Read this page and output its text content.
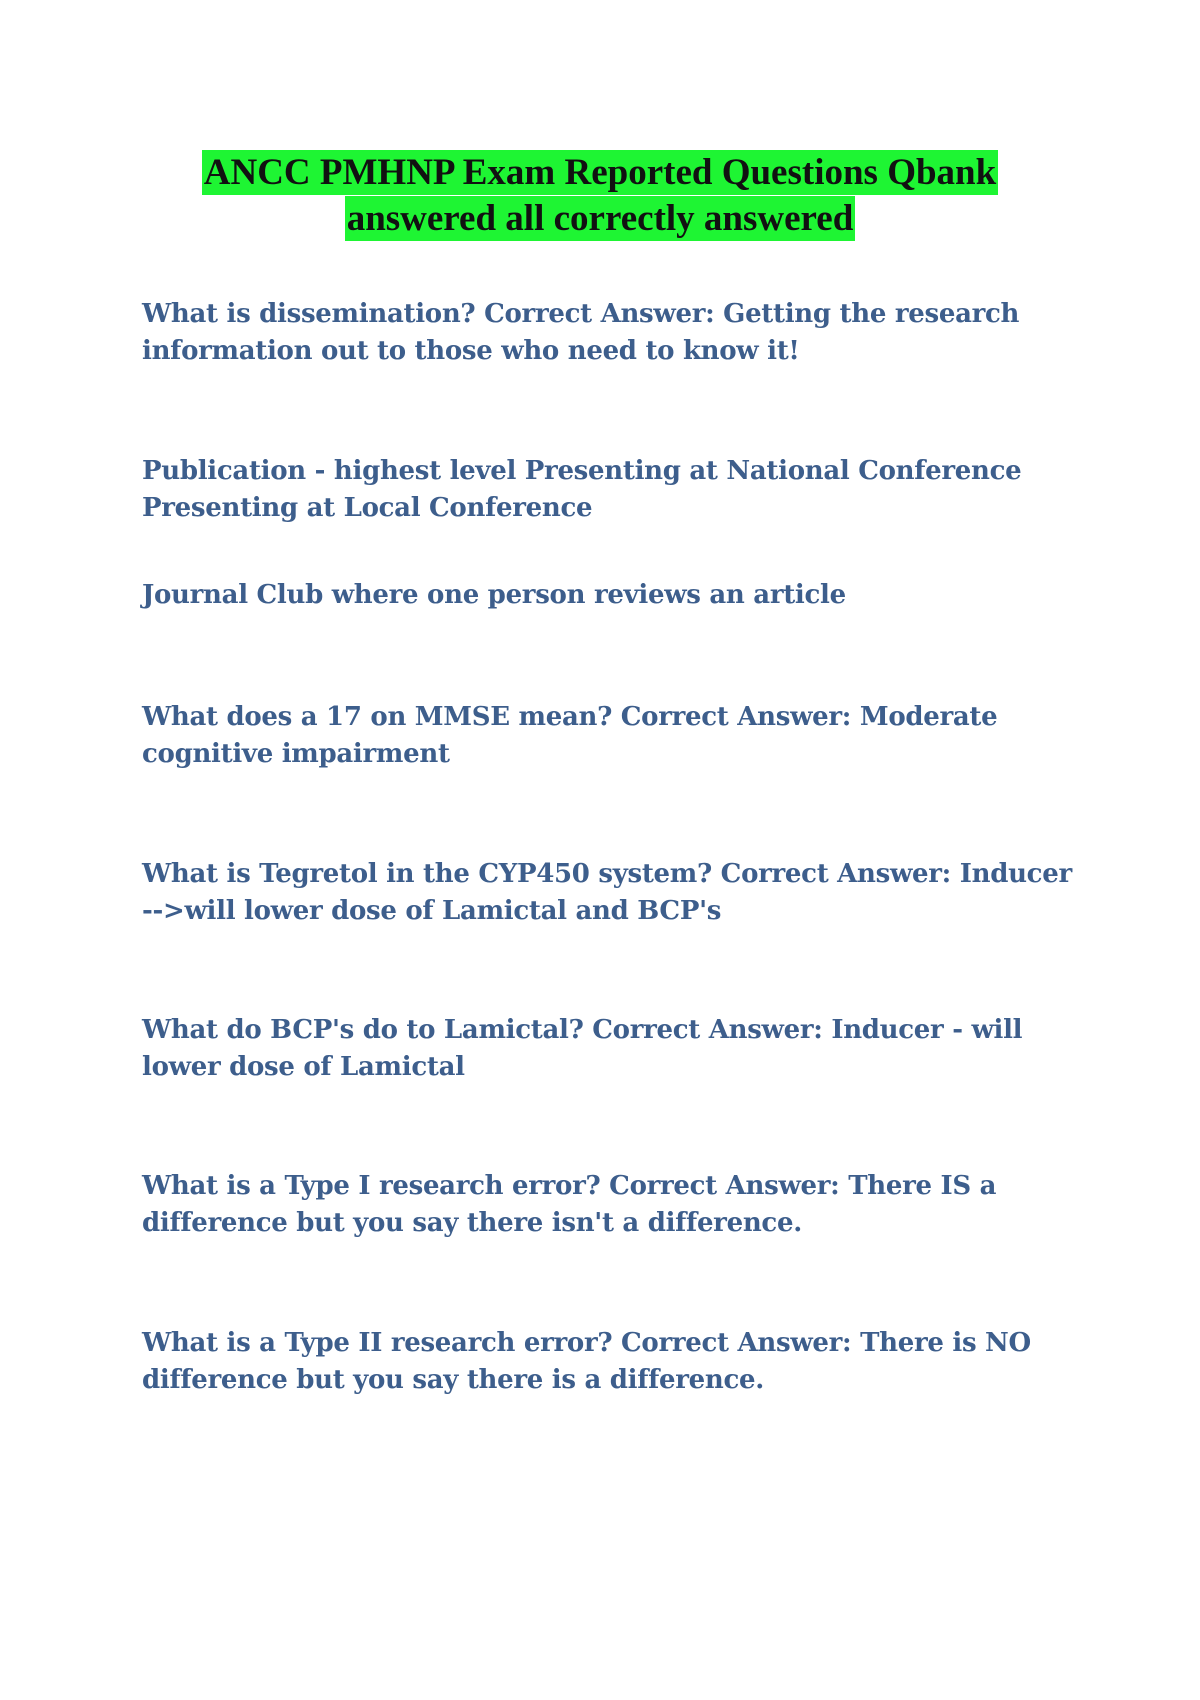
ANCC PMHNP Exam Reported Questions Qbank
answered all correctly answered

What is dissemination? Correct Answer: Getting the research information out to those who need to know it!

Publication - highest level Presenting at National Conference Presenting at Local Conference

Journal Club where one person reviews an article

What does a 17 on MMSE mean? Correct Answer: Moderate cognitive impairment

What is Tegretol in the CYP450 system? Correct Answer: Inducer -->will lower dose of Lamictal and BCP's

What do BCP's do to Lamictal? Correct Answer: Inducer - will lower dose of Lamictal

What is a Type I research error? Correct Answer: There IS a difference but you say there isn't a difference.

What is a Type II research error? Correct Answer: There is NO difference but you say there is a difference.
